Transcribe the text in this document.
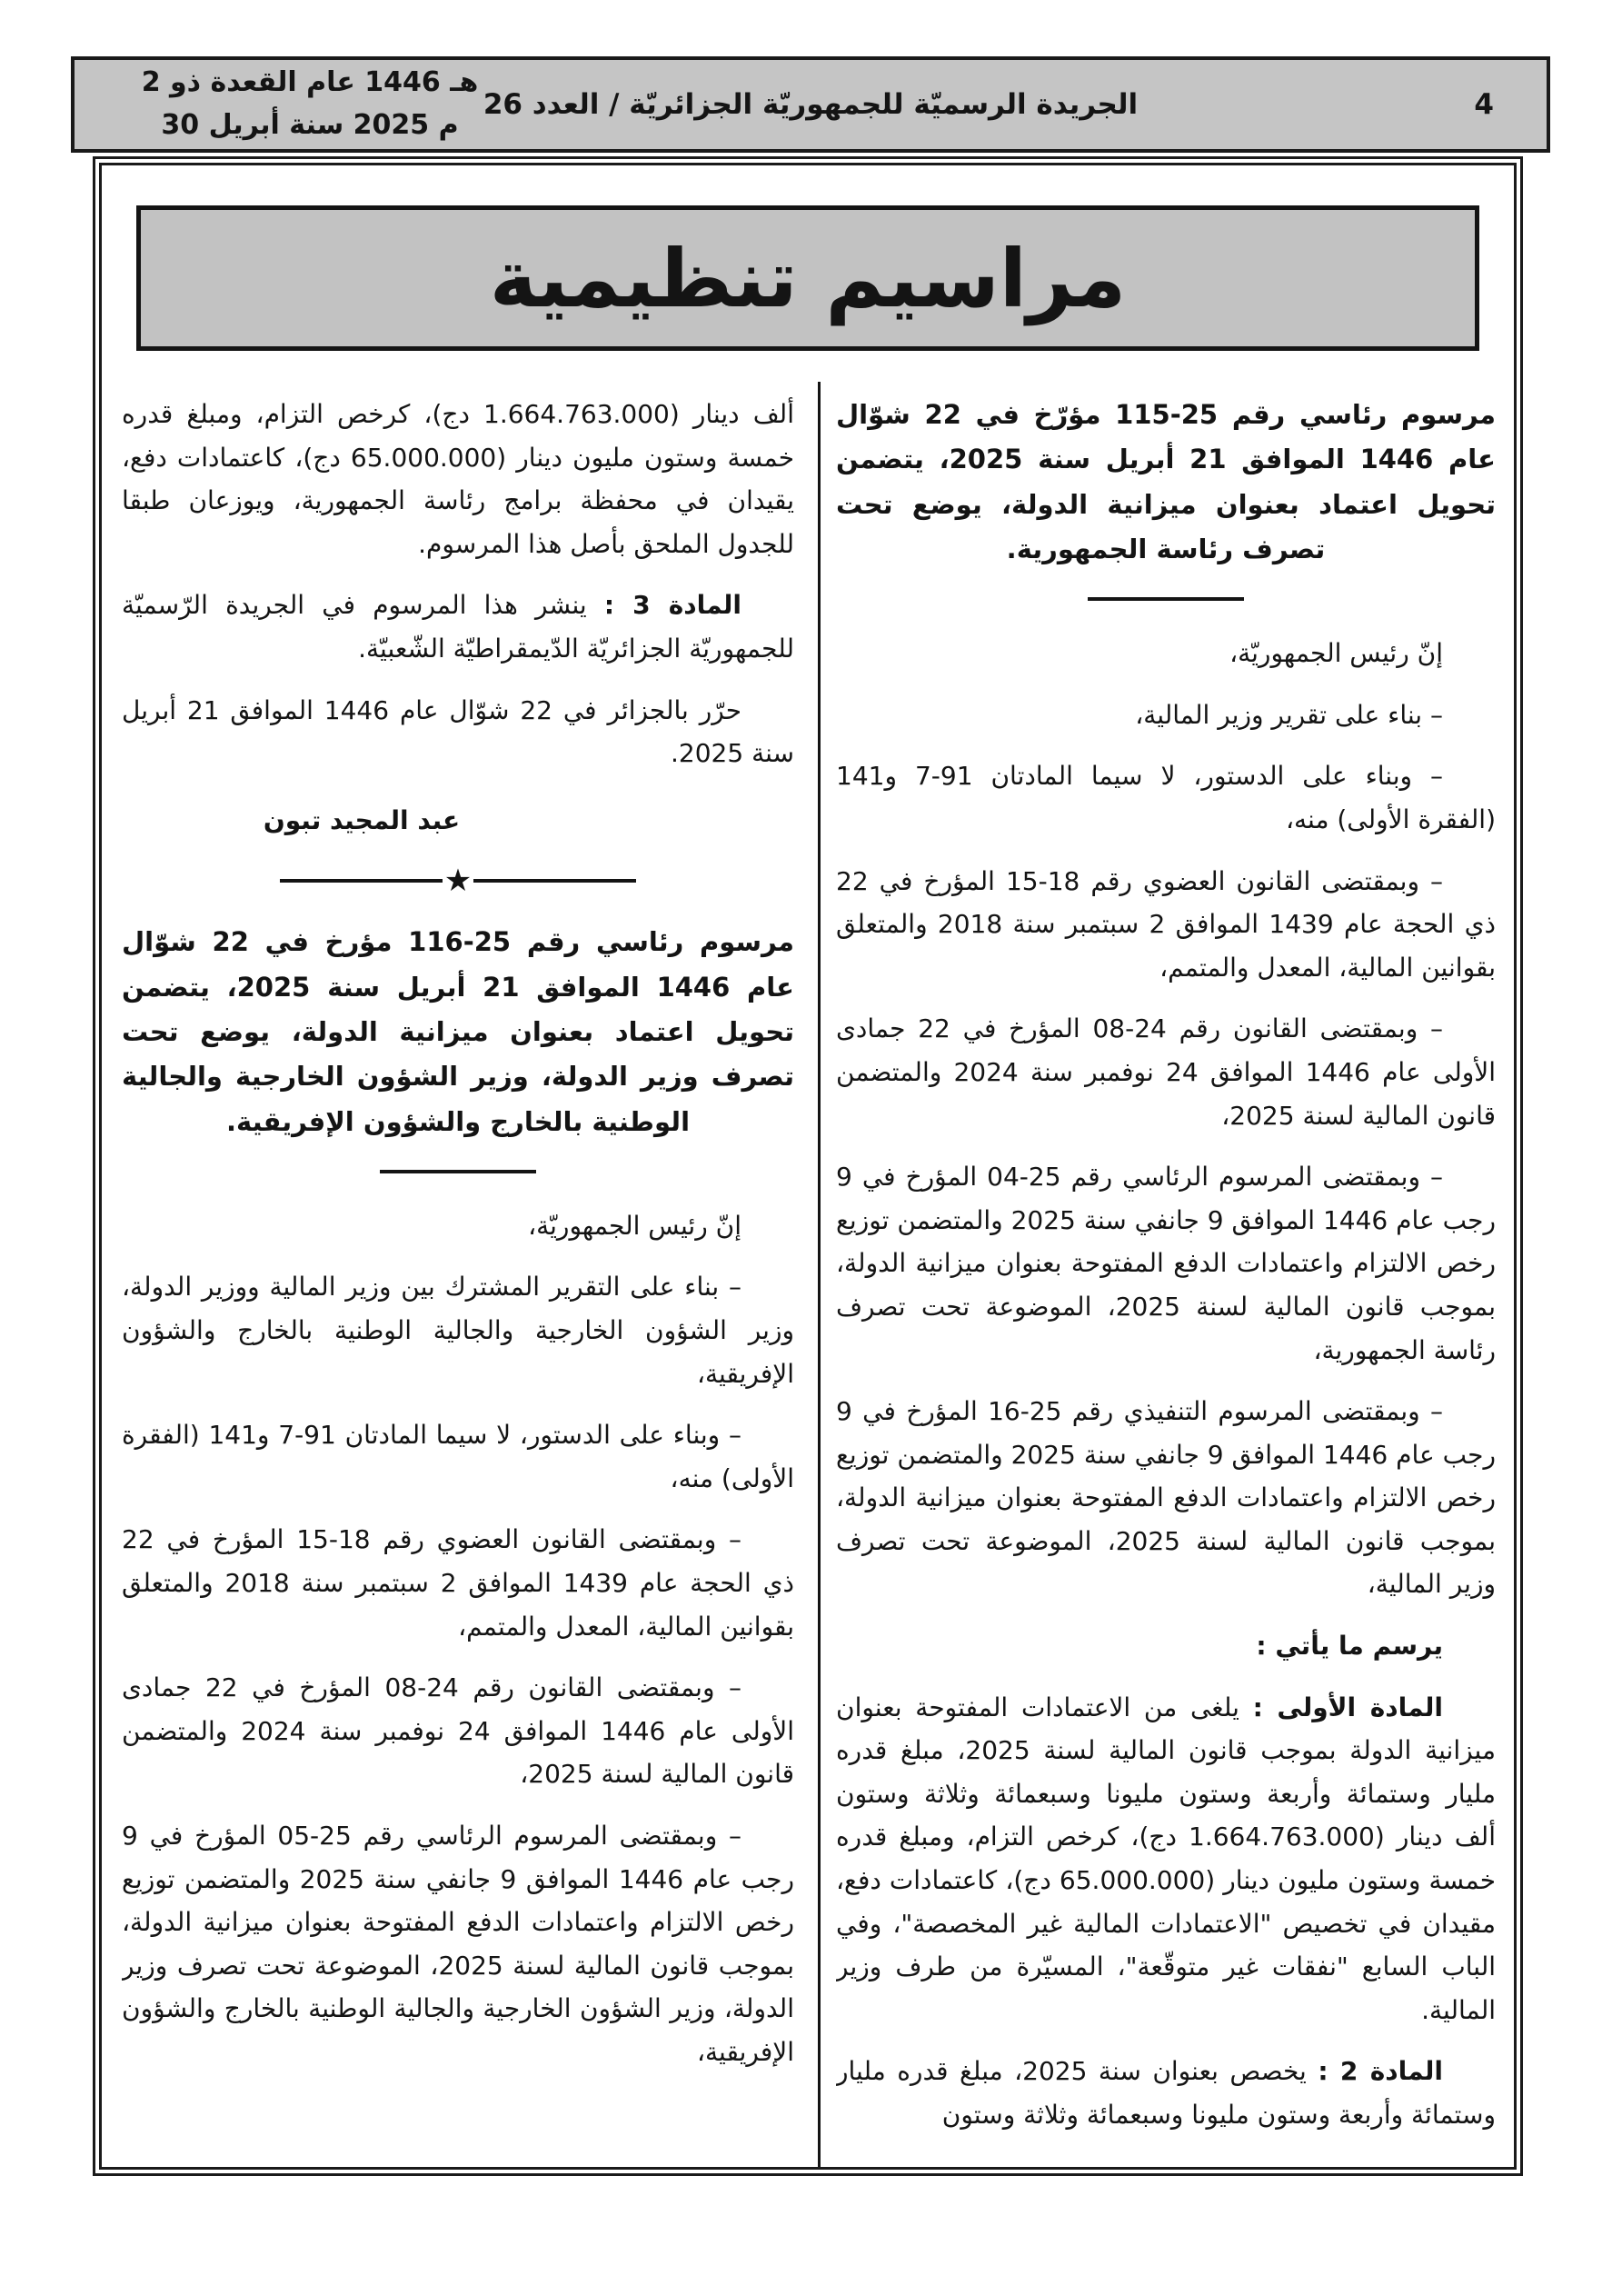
هـ 1446 عام القعدة ذو 2
م 2025 سنة أبريل 30
الجريدة الرسميّة للجمهوريّة الجزائريّة / العدد 26	4
مراسيم تنظيمية

مرسوم رئاسي رقم 25-115 مؤرّخ في 22 شوّال عام 1446 الموافق 21 أبريل سنة 2025، يتضمن تحويل اعتماد بعنوان ميزانية الدولة، يوضع تحت تصرف رئاسة الجمهورية.

إنّ رئيس الجمهوريّة،

– بناء على تقرير وزير المالية،

– وبناء على الدستور، لا سيما المادتان 91-7 و141 (الفقرة الأولى) منه،

– وبمقتضى القانون العضوي رقم 18-15 المؤرخ في 22 ذي الحجة عام 1439 الموافق 2 سبتمبر سنة 2018 والمتعلق بقوانين المالية، المعدل والمتمم،

– وبمقتضى القانون رقم 24-08 المؤرخ في 22 جمادى الأولى عام 1446 الموافق 24 نوفمبر سنة 2024 والمتضمن قانون المالية لسنة 2025،

– وبمقتضى المرسوم الرئاسي رقم 25-04 المؤرخ في 9 رجب عام 1446 الموافق 9 جانفي سنة 2025 والمتضمن توزيع رخص الالتزام واعتمادات الدفع المفتوحة بعنوان ميزانية الدولة، بموجب قانون المالية لسنة 2025، الموضوعة تحت تصرف رئاسة الجمهورية،

– وبمقتضى المرسوم التنفيذي رقم 25-16 المؤرخ في 9 رجب عام 1446 الموافق 9 جانفي سنة 2025 والمتضمن توزيع رخص الالتزام واعتمادات الدفع المفتوحة بعنوان ميزانية الدولة، بموجب قانون المالية لسنة 2025، الموضوعة تحت تصرف وزير المالية،

يرسم ما يأتي :

المادة الأولى : يلغى من الاعتمادات المفتوحة بعنوان ميزانية الدولة بموجب قانون المالية لسنة 2025، مبلغ قدره مليار وستمائة وأربعة وستون مليونا وسبعمائة وثلاثة وستون ألف دينار (1.664.763.000 دج)، كرخص التزام، ومبلغ قدره خمسة وستون مليون دينار (65.000.000 دج)، كاعتمادات دفع، مقيدان في تخصيص "الاعتمادات المالية غير المخصصة"، وفي الباب السابع "نفقات غير متوقّعة"، المسيّرة من طرف وزير المالية.

المادة 2 : يخصص بعنوان سنة 2025، مبلغ قدره مليار وستمائة وأربعة وستون مليونا وسبعمائة وثلاثة وستون

ألف دينار (1.664.763.000 دج)، كرخص التزام، ومبلغ قدره خمسة وستون مليون دينار (65.000.000 دج)، كاعتمادات دفع، يقيدان في محفظة برامج رئاسة الجمهورية، ويوزعان طبقا للجدول الملحق بأصل هذا المرسوم.

المادة 3 : ينشر هذا المرسوم في الجريدة الرّسميّة للجمهوريّة الجزائريّة الدّيمقراطيّة الشّعبيّة.

حرّر بالجزائر في 22 شوّال عام 1446 الموافق 21 أبريل سنة 2025.

عبد المجيد تبون

★

مرسوم رئاسي رقم 25-116 مؤرخ في 22 شوّال عام 1446 الموافق 21 أبريل سنة 2025، يتضمن تحويل اعتماد بعنوان ميزانية الدولة، يوضع تحت تصرف وزير الدولة، وزير الشؤون الخارجية والجالية الوطنية بالخارج والشؤون الإفريقية.

إنّ رئيس الجمهوريّة،

– بناء على التقرير المشترك بين وزير المالية ووزير الدولة، وزير الشؤون الخارجية والجالية الوطنية بالخارج والشؤون الإفريقية،

– وبناء على الدستور، لا سيما المادتان 91-7 و141 (الفقرة الأولى) منه،

– وبمقتضى القانون العضوي رقم 18-15 المؤرخ في 22 ذي الحجة عام 1439 الموافق 2 سبتمبر سنة 2018 والمتعلق بقوانين المالية، المعدل والمتمم،

– وبمقتضى القانون رقم 24-08 المؤرخ في 22 جمادى الأولى عام 1446 الموافق 24 نوفمبر سنة 2024 والمتضمن قانون المالية لسنة 2025،

– وبمقتضى المرسوم الرئاسي رقم 25-05 المؤرخ في 9 رجب عام 1446 الموافق 9 جانفي سنة 2025 والمتضمن توزيع رخص الالتزام واعتمادات الدفع المفتوحة بعنوان ميزانية الدولة، بموجب قانون المالية لسنة 2025، الموضوعة تحت تصرف وزير الدولة، وزير الشؤون الخارجية والجالية الوطنية بالخارج والشؤون الإفريقية،
